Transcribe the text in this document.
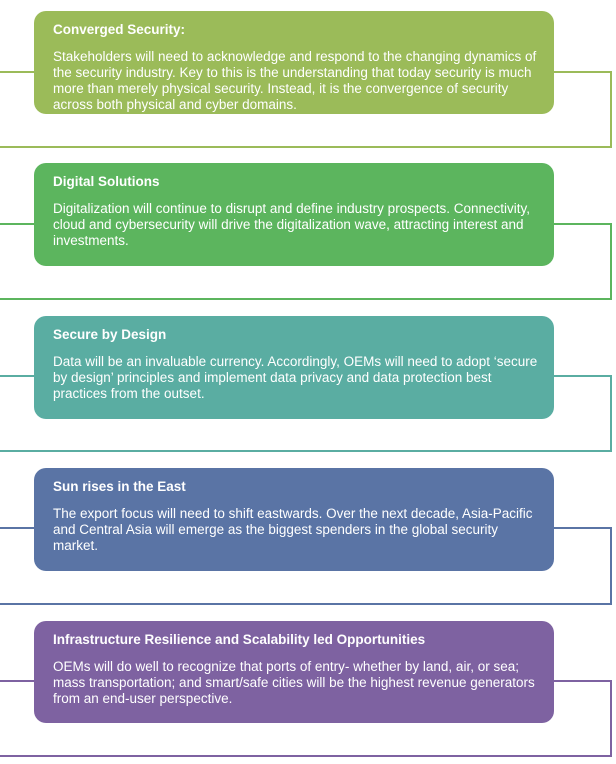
Converged Security:
Stakeholders will need to acknowledge and respond to the changing dynamics of the security industry. Key to this is the understanding that today security is much more than merely physical security. Instead, it is the convergence of security across both physical and cyber domains.
Digital Solutions
Digitalization will continue to disrupt and define industry prospects. Connectivity, cloud and cybersecurity will drive the digitalization wave, attracting interest and investments.
Secure by Design
Data will be an invaluable currency. Accordingly, OEMs will need to adopt ‘secure by design’ principles and implement data privacy and data protection best practices from the outset.
Sun rises in the East
The export focus will need to shift eastwards. Over the next decade, Asia-Pacific and Central Asia will emerge as the biggest spenders in the global security market.
Infrastructure Resilience and Scalability led Opportunities
OEMs will do well to recognize that ports of entry- whether by land, air, or sea; mass transportation; and smart/safe cities will be the highest revenue generators from an end-user perspective.
